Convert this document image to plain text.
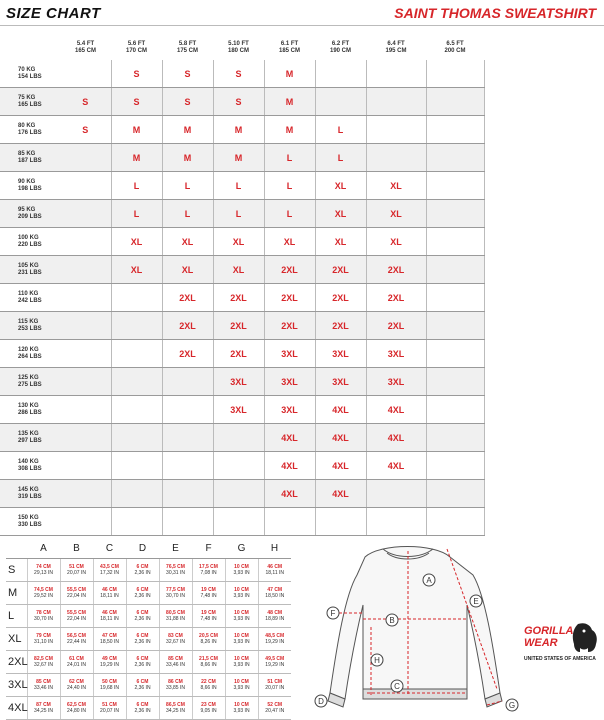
SIZE CHART	SAINT THOMAS SWEATSHIRT

	5.4 FT
165 CM	5.6 FT
170 CM	5.8 FT
175 CM	5.10 FT
180 CM	6.1 FT
185 CM	6.2 FT
190 CM	6.4 FT
195 CM	6.5 FT
200 CM	

70 KG
154 LBS		S	S	S	M				

75 KG
165 LBS	S	S	S	S	M				

80 KG
176 LBS	S	M	M	M	M	L			

85 KG
187 LBS		M	M	M	L	L			

90 KG
198 LBS		L	L	L	L	XL	XL		

95 KG
209 LBS		L	L	L	L	XL	XL		

100 KG
220 LBS		XL	XL	XL	XL	XL	XL		

105 KG
231 LBS		XL	XL	XL	2XL	2XL	2XL		

110 KG
242 LBS			2XL	2XL	2XL	2XL	2XL		

115 KG
253 LBS			2XL	2XL	2XL	2XL	2XL		

120 KG
264 LBS			2XL	2XL	3XL	3XL	3XL		

125 KG
275 LBS				3XL	3XL	3XL	3XL		

130 KG
286 LBS				3XL	3XL	4XL	4XL		

135 KG
297 LBS					4XL	4XL	4XL		

140 KG
308 LBS					4XL	4XL	4XL		

145 KG
319 LBS					4XL	4XL			

150 KG
330 LBS									

	A	B	C	D	E	F	G	H
S	74 CM
29,13 IN	51 CM
20,07 IN	43,5 CM
17,32 IN	6 CM
2,36 IN	76,5 CM
30,31 IN	17,5 CM
7,08 IN	10 CM
3,93 IN	46 CM
18,11 IN

M	74,5 CM
29,52 IN	55,5 CM
22,04 IN	46 CM
18,11 IN	6 CM
2,36 IN	77,5 CM
30,70 IN	19 CM
7,48 IN	10 CM
3,93 IN	47 CM
18,50 IN

L	78 CM
30,70 IN	55,5 CM
22,04 IN	46 CM
18,11 IN	6 CM
2,36 IN	80,5 CM
31,88 IN	19 CM
7,48 IN	10 CM
3,93 IN	48 CM
18,89 IN

XL	79 CM
31,10 IN	56,5 CM
22,44 IN	47 CM
18,50 IN	6 CM
2,36 IN	83 CM
32,67 IN	20,5 CM
8,26 IN	10 CM
3,93 IN	48,5 CM
19,29 IN

2XL	82,5 CM
32,67 IN	61 CM
24,01 IN	49 CM
19,29 IN	6 CM
2,36 IN	85 CM
33,46 IN	21,5 CM
8,66 IN	10 CM
3,93 IN	49,5 CM
19,29 IN

3XL	85 CM
33,46 IN	62 CM
24,40 IN	50 CM
19,68 IN	6 CM
2,36 IN	86 CM
33,85 IN	22 CM
8,66 IN	10 CM
3,93 IN	51 CM
20,07 IN

4XL	87 CM
34,25 IN	62,5 CM
24,80 IN	51 CM
20,07 IN	6 CM
2,36 IN	86,5 CM
34,25 IN	23 CM
9,05 IN	10 CM
3,93 IN	52 CM
20,47 IN
A
B
C
D
E
F
G
H
GORILLA
WEAR
UNITED STATES OF AMERICA
